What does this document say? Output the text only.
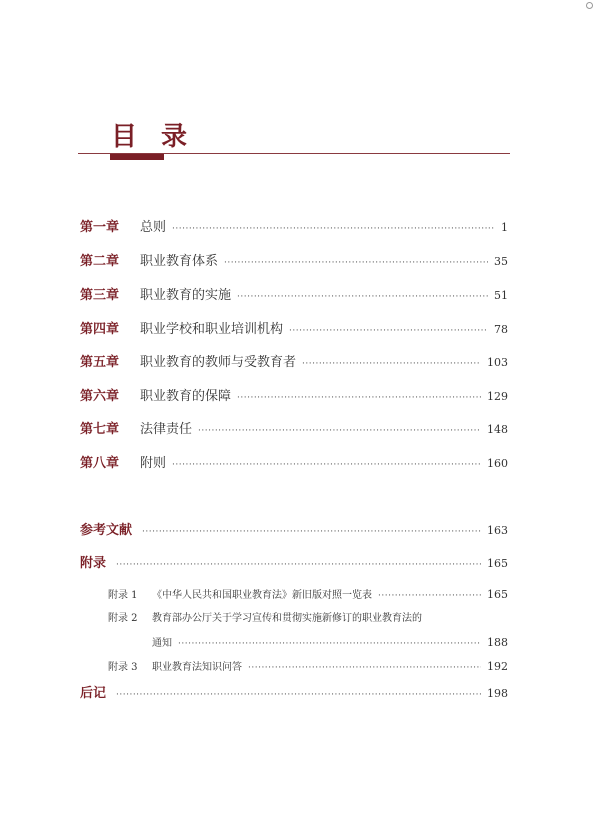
目录
第一章	总则 ·····	1
第二章	职业教育体系 ·····	35
第三章	职业教育的实施 ·····	51
第四章	职业学校和职业培训机构 ·····	78
第五章	职业教育的教师与受教育者 ·····	103
第六章	职业教育的保障 ·····	129
第七章	法律责任 ·····	148
第八章	附则 ·····	160
参考文献 ·····	163
附录 ·····	165
附录 1	《中华人民共和国职业教育法》新旧版对照一览表 ·····	165
附录 2	教育部办公厅关于学习宣传和贯彻实施新修订的职业教育法的
通知 ·····	188
附录 3	职业教育法知识问答 ·····	192
后记 ·····	198
